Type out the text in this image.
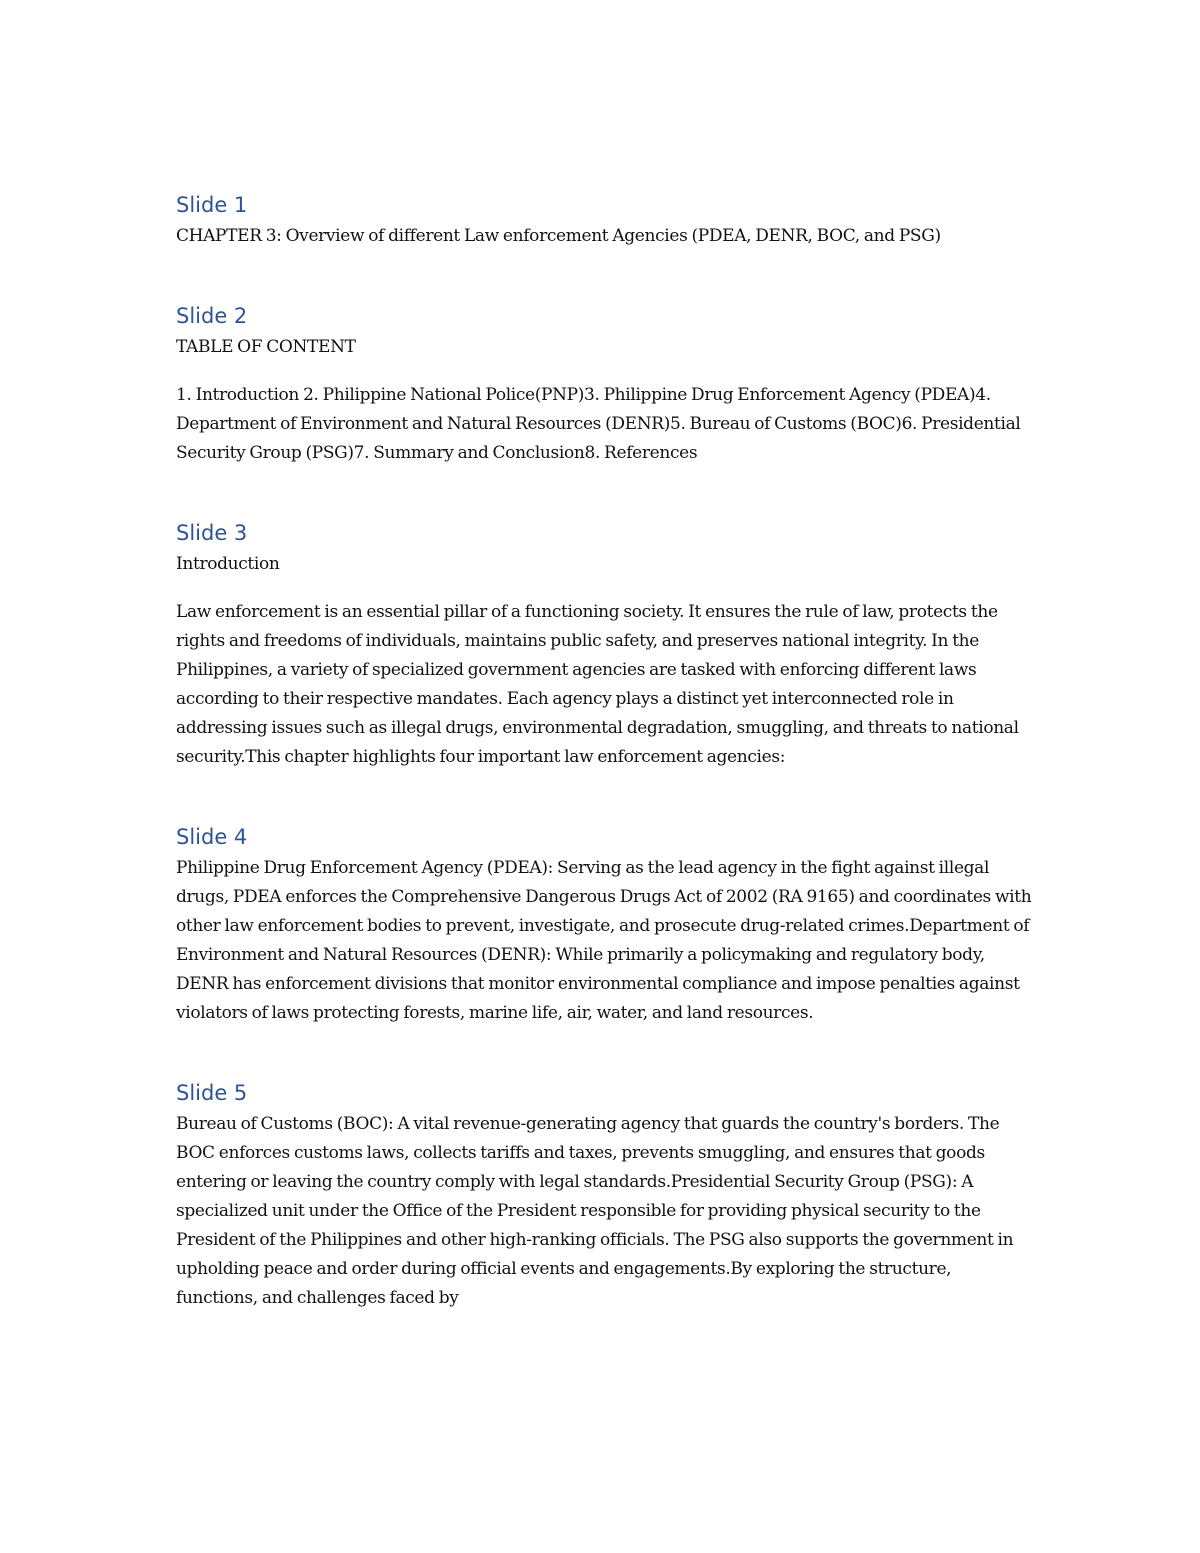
Slide 1

CHAPTER 3: Overview of different Law enforcement Agencies (PDEA, DENR, BOC, and PSG)

Slide 2

TABLE OF CONTENT

1. Introduction 2. Philippine National Police(PNP)3. Philippine Drug Enforcement Agency (PDEA)4. Department of Environment and Natural Resources (DENR)5. Bureau of Customs (BOC)6. Presidential Security Group (PSG)7. Summary and Conclusion8. References

Slide 3

Introduction

Law enforcement is an essential pillar of a functioning society. It ensures the rule of law, protects the rights and freedoms of individuals, maintains public safety, and preserves national integrity. In the Philippines, a variety of specialized government agencies are tasked with enforcing different laws according to their respective mandates. Each agency plays a distinct yet interconnected role in addressing issues such as illegal drugs, environmental degradation, smuggling, and threats to national security.This chapter highlights four important law enforcement agencies:

Slide 4

Philippine Drug Enforcement Agency (PDEA): Serving as the lead agency in the fight against illegal drugs, PDEA enforces the Comprehensive Dangerous Drugs Act of 2002 (RA 9165) and coordinates with other law enforcement bodies to prevent, investigate, and prosecute drug-related crimes.Department of Environment and Natural Resources (DENR): While primarily a policymaking and regulatory body, DENR has enforcement divisions that monitor environmental compliance and impose penalties against violators of laws protecting forests, marine life, air, water, and land resources.

Slide 5

Bureau of Customs (BOC): A vital revenue-generating agency that guards the country's borders. The BOC enforces customs laws, collects tariffs and taxes, prevents smuggling, and ensures that goods entering or leaving the country comply with legal standards.Presidential Security Group (PSG): A specialized unit under the Office of the President responsible for providing physical security to the President of the Philippines and other high-ranking officials. The PSG also supports the government in upholding peace and order during official events and engagements.By exploring the structure, functions, and challenges faced by
